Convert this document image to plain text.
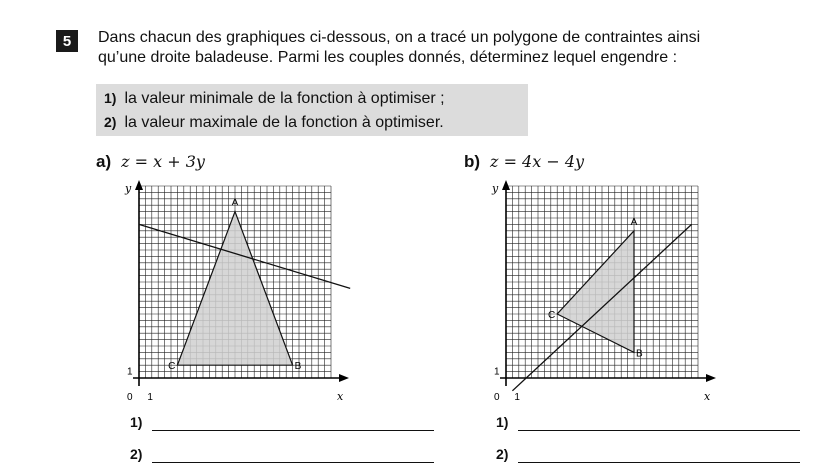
5	Dans chacun des graphiques ci-dessous, on a tracé un polygone de contraintes ainsi
qu’une droite baladeuse. Parmi les couples donnés, déterminez lequel engendre :
1) la valeur minimale de la fonction à optimiser ;
2) la valeur maximale de la fonction à optimiser.
a) z = x + 3y	b) z = 4x − 4y
A
B
C
y
x
1
0 1
A
B
C
y
x
1
0 1
1)
2)
1)
2)
